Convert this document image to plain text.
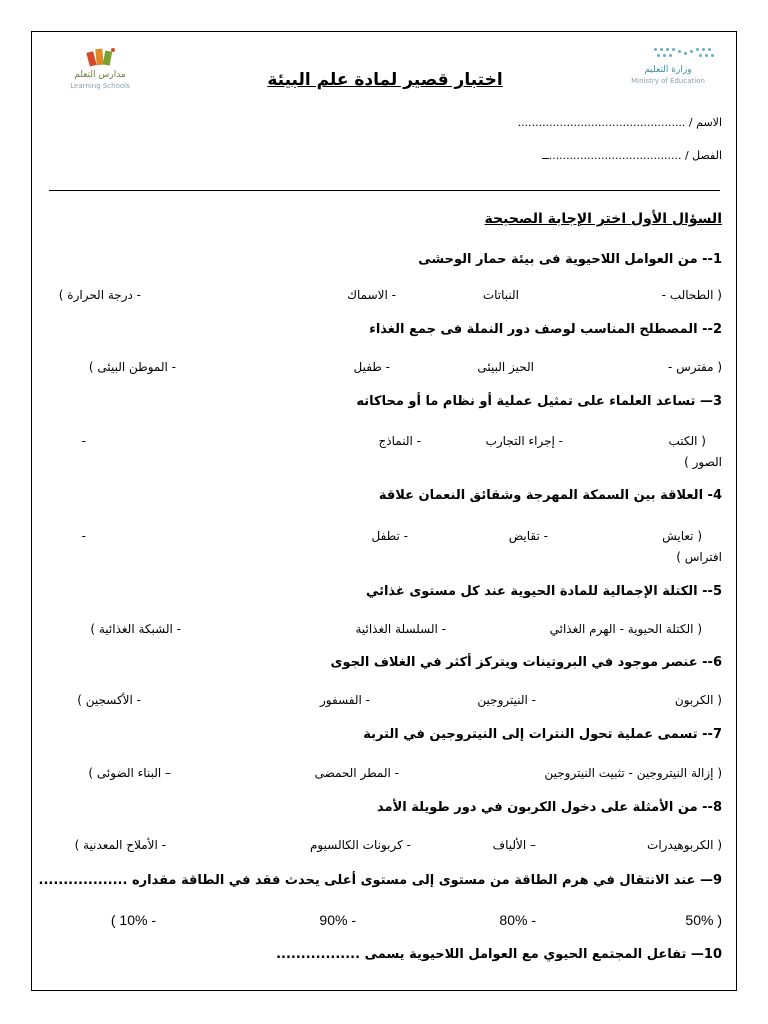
مدارس التعلم
Learning Schools
وزارة التعليم
Ministry of Education
اختبار قصير لمادة علم البيئة
الاسم / ................................................
الفصل / ......................................ــ
السؤال الأول اختر الإجابة الصحيحة
1-- من العوامل اللاحيوية فى بيئة حمار الوحشى
( الطحالب -
النباتات
- الاسماك
- درجة الحرارة )
2-- المصطلح المناسب لوصف دور النملة فى جمع الغذاء
( مفترس -
الحيز البيئى
- طفيل
- الموطن البيئى )
3— تساعد العلماء على تمثيل عملية أو نظام ما أو محاكاته
( الكتب
- إجراء التجارب
- النماذج
-
الصور )
4- العلاقة بين السمكة المهرجة وشقائق النعمان علاقة
( تعايش
- تقايض
- تطفل
-
افتراس )
5-- الكتلة الإجمالية للمادة الحيوية عند كل مستوى غذائي
( الكتلة الحيوية - الهرم الغذائي
- السلسلة الغذائية
- الشبكة الغذائية )
6-- عنصر موجود في البروتينات ويتركز أكثر في الغلاف الجوى
( الكربون
- النيتروجين
- الفسفور
- الأكسجين )
7-- تسمى عملية تحول النترات إلى النيتروجين في التربة
( إزالة النيتروجين - تثبيت النيتروجين
- المطر الحمضى
– البناء الضوئى )
8-- من الأمثلة على دخول الكربون في دور طويلة الأمد
( الكربوهيدرات
– الألياف
- كربونات الكالسيوم
- الأملاح المعدنية )
9— عند الانتقال في هرم الطاقة من مستوى إلى مستوى أعلى يحدث فقد في الطاقة مقداره ..................
50% )
80% -
90% -
( 10% -
10— تفاعل المجتمع الحيوي مع العوامل اللاحيوية يسمى .................
